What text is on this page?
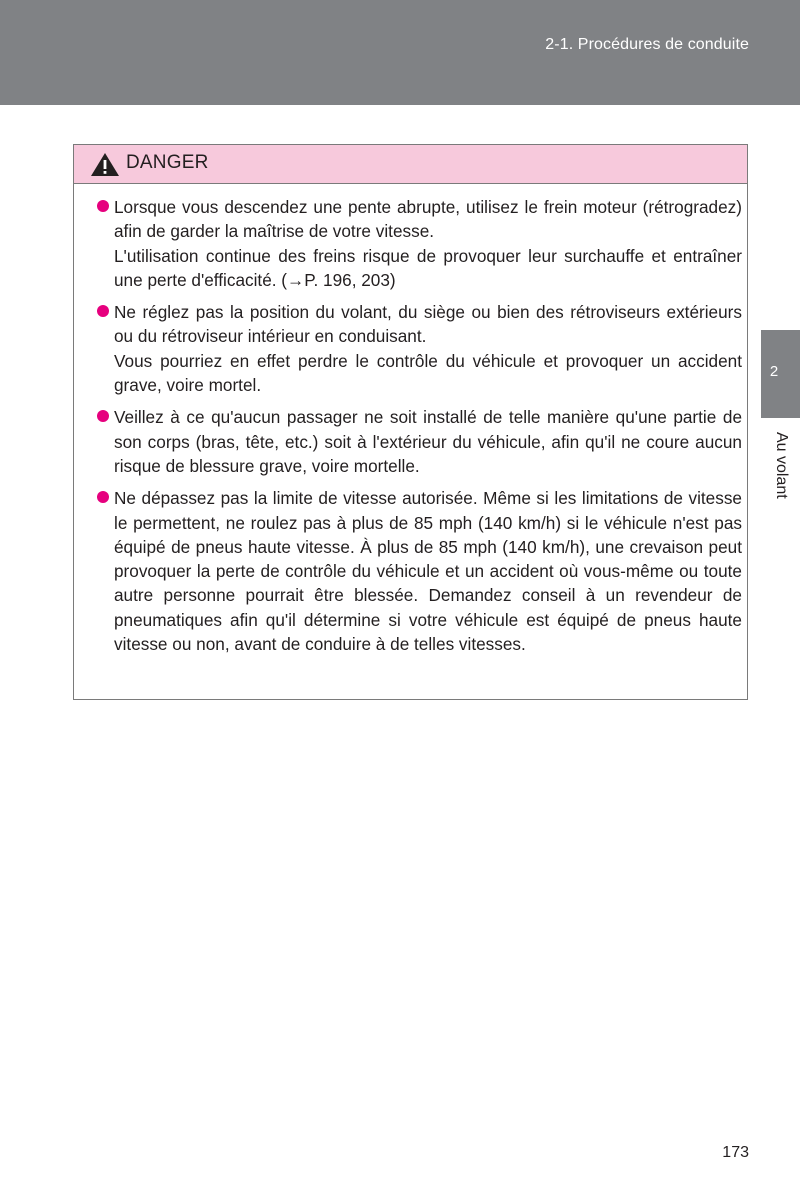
2-1. Procédures de conduite
DANGER

Lorsque vous descendez une pente abrupte, utilisez le frein moteur (rétrogradez) afin de garder la maîtrise de votre vitesse.

L'utilisation continue des freins risque de provoquer leur surchauffe et entraîner une perte d'efficacité. (→P. 196, 203)

Ne réglez pas la position du volant, du siège ou bien des rétroviseurs extérieurs ou du rétroviseur intérieur en conduisant.

Vous pourriez en effet perdre le contrôle du véhicule et provoquer un accident grave, voire mortel.

Veillez à ce qu'aucun passager ne soit installé de telle manière qu'une partie de son corps (bras, tête, etc.) soit à l'extérieur du véhicule, afin qu'il ne coure aucun risque de blessure grave, voire mortelle.

Ne dépassez pas la limite de vitesse autorisée. Même si les limitations de vitesse le permettent, ne roulez pas à plus de 85 mph (140 km/h) si le véhicule n'est pas équipé de pneus haute vitesse. À plus de 85 mph (140 km/h), une crevaison peut provoquer la perte de contrôle du véhicule et un accident où vous-même ou toute autre personne pourrait être blessée. Demandez conseil à un revendeur de pneumatiques afin qu'il détermine si votre véhicule est équipé de pneus haute vitesse ou non, avant de conduire à de telles vitesses.

2
Au volant
173
